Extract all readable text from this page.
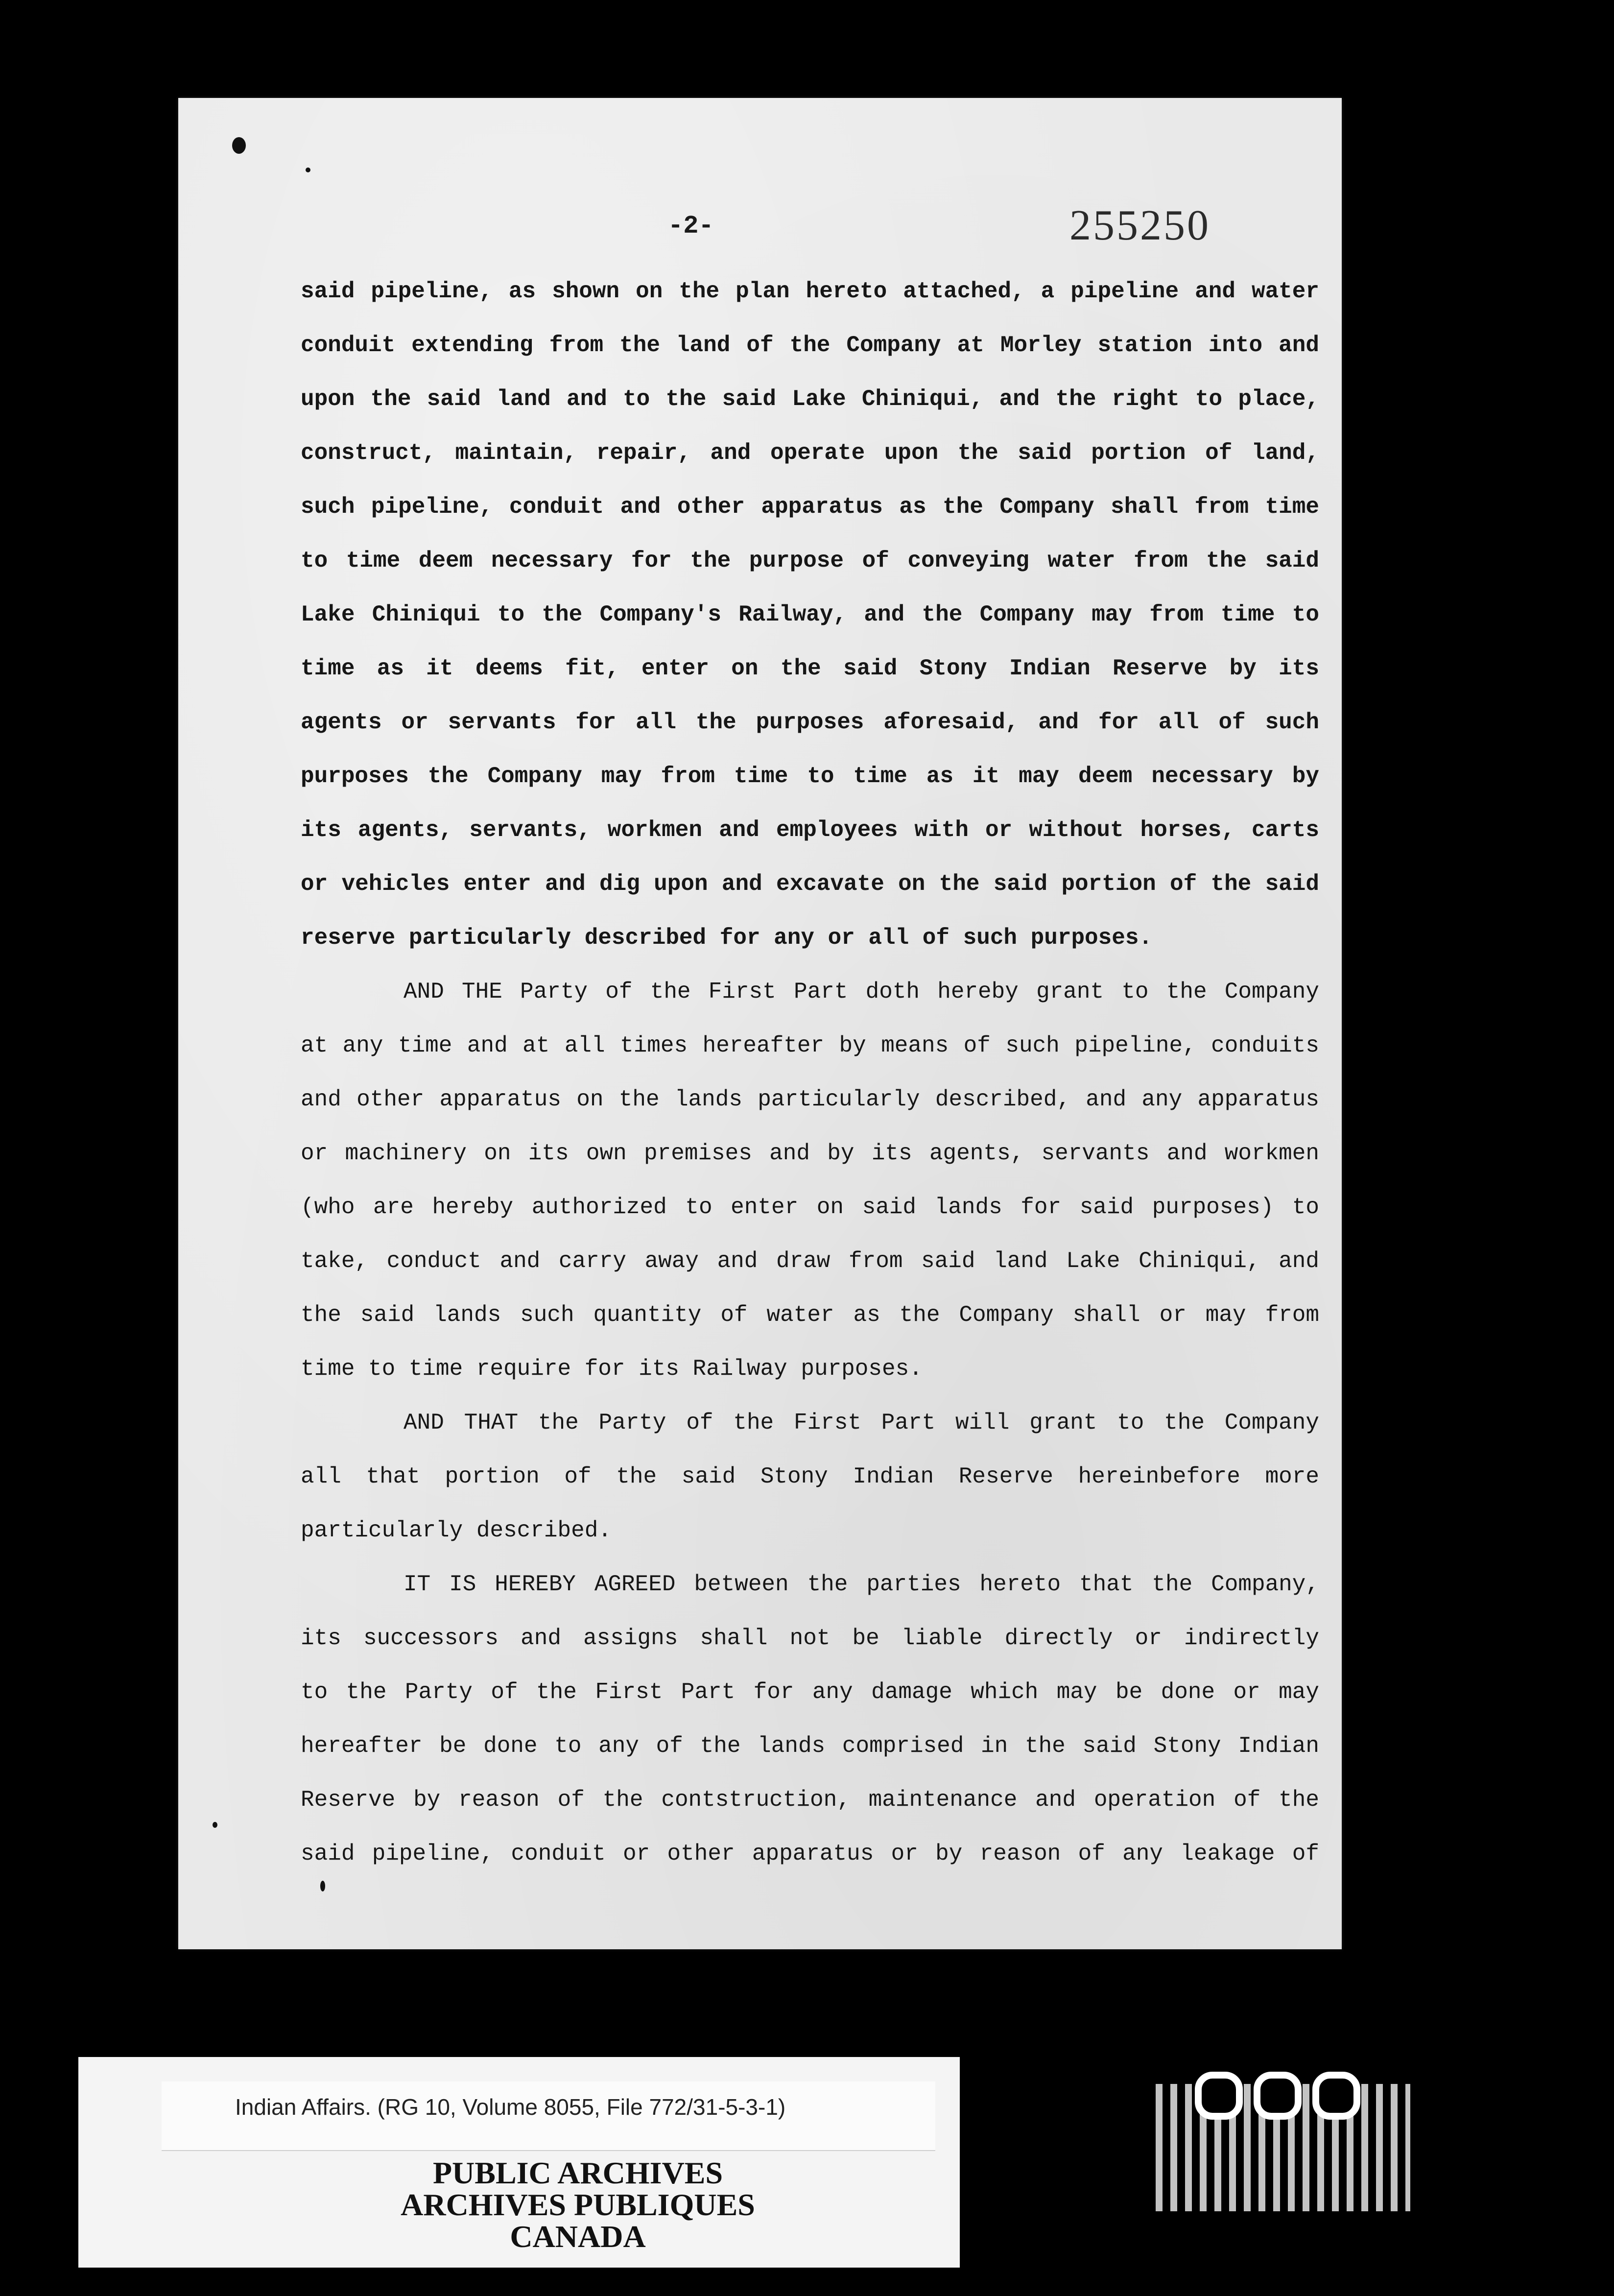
-2-	255250
said pipeline, as shown on the plan hereto attached, a pipeline and water
conduit extending from the land of the Company at Morley station into and
upon the said land and to the said Lake Chiniqui, and the right to place,
construct, maintain, repair, and operate upon the said portion of land,
such pipeline, conduit and other apparatus as the Company shall from time
to time deem necessary for the purpose of conveying water from the said
Lake Chiniqui to the Company's Railway, and the Company may from time to
time as it deems fit, enter on the said Stony Indian Reserve by its
agents or servants for all the purposes aforesaid, and for all of such
purposes the Company may from time to time as it may deem necessary by
its agents, servants, workmen and employees with or without horses, carts
or vehicles enter and dig upon and excavate on the said portion of the said
reserve particularly described for any or all of such purposes.
AND THE Party of the First Part doth hereby grant to the Company
at any time and at all times hereafter by means of such pipeline, conduits
and other apparatus on the lands particularly described, and any apparatus
or machinery on its own premises and by its agents, servants and workmen
(who are hereby authorized to enter on said lands for said purposes) to
take, conduct and carry away and draw from said land Lake Chiniqui, and
the said lands such quantity of water as the Company shall or may from
time to time require for its Railway purposes.
AND THAT the Party of the First Part will grant to the Company
all that portion of the said Stony Indian Reserve hereinbefore more
particularly described.
IT IS HEREBY AGREED between the parties hereto that the Company,
its successors and assigns shall not be liable directly or indirectly
to the Party of the First Part for any damage which may be done or may
hereafter be done to any of the lands comprised in the said Stony Indian
Reserve by reason of the contstruction, maintenance and operation of the
said pipeline, conduit or other apparatus or by reason of any leakage of
Indian Affairs. (RG 10, Volume 8055, File 772/31-5-3-1)
PUBLIC ARCHIVES
ARCHIVES PUBLIQUES
CANADA
